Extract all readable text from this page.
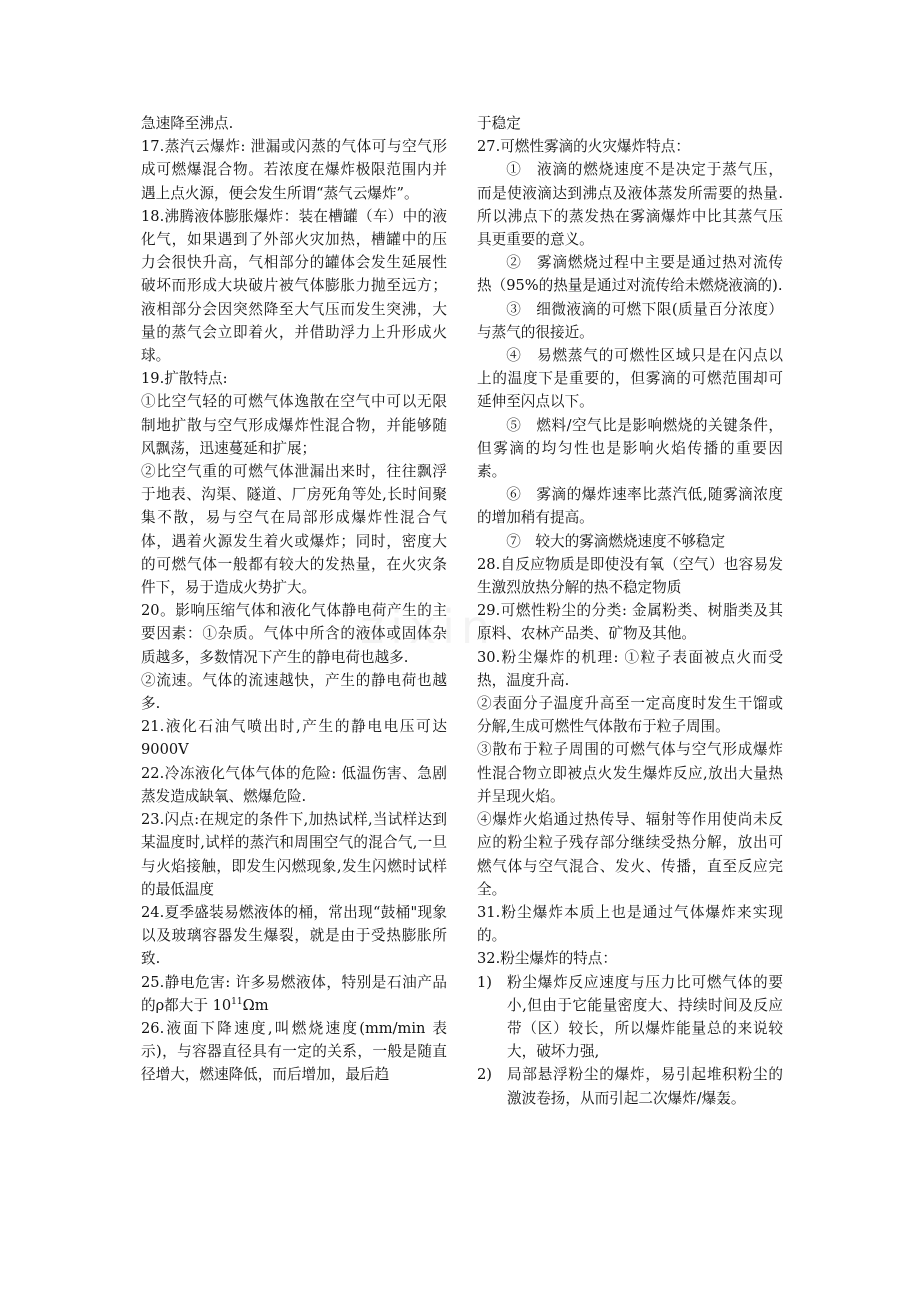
急速降至沸点.

17.蒸汽云爆炸: 泄漏或闪蒸的气体可与空气形成可燃爆混合物。若浓度在爆炸极限范围内并遇上点火源，便会发生所谓“蒸气云爆炸”。

18.沸腾液体膨胀爆炸：装在槽罐（车）中的液化气，如果遇到了外部火灾加热，槽罐中的压力会很快升高，气相部分的罐体会发生延展性破坏而形成大块破片被气体膨胀力抛至远方；液相部分会因突然降至大气压而发生突沸，大量的蒸气会立即着火，并借助浮力上升形成火球。

19.扩散特点:

①比空气轻的可燃气体逸散在空气中可以无限制地扩散与空气形成爆炸性混合物，并能够随风飘荡，迅速蔓延和扩展；

②比空气重的可燃气体泄漏出来时，往往飘浮于地表、沟渠、隧道、厂房死角等处,长时间聚集不散，易与空气在局部形成爆炸性混合气体，遇着火源发生着火或爆炸；同时，密度大的可燃气体一般都有较大的发热量，在火灾条件下，易于造成火势扩大。

20。影响压缩气体和液化气体静电荷产生的主要因素：①杂质。气体中所含的液体或固体杂质越多，多数情况下产生的静电荷也越多.

②流速。气体的流速越快，产生的静电荷也越多.

21.液化石油气喷出时,产生的静电电压可达9000V

22.冷冻液化气体气体的危险: 低温伤害、急剧蒸发造成缺氧、燃爆危险.

23.闪点:在规定的条件下,加热试样,当试样达到某温度时,试样的蒸汽和周围空气的混合气,一旦与火焰接触，即发生闪燃现象,发生闪燃时试样的最低温度

24.夏季盛装易燃液体的桶，常出现“鼓桶"现象以及玻璃容器发生爆裂，就是由于受热膨胀所致.

25.静电危害: 许多易燃液体，特别是石油产品的ρ都大于 $10^{11}\Omega m$

26.液面下降速度,叫燃烧速度(mm/min 表示)，与容器直径具有一定的关系，一般是随直径增大，燃速降低，而后增加，最后趋

于稳定

27.可燃性雾滴的火灾爆炸特点：

①　液滴的燃烧速度不是决定于蒸气压，而是使液滴达到沸点及液体蒸发所需要的热量.所以沸点下的蒸发热在雾滴爆炸中比其蒸气压具更重要的意义。

②　雾滴燃烧过程中主要是通过热对流传热（95%的热量是通过对流传给未燃烧液滴的).

③　细微液滴的可燃下限(质量百分浓度）与蒸气的很接近。

④　易燃蒸气的可燃性区域只是在闪点以上的温度下是重要的，但雾滴的可燃范围却可延伸至闪点以下。

⑤　燃料/空气比是影响燃烧的关键条件，但雾滴的均匀性也是影响火焰传播的重要因素。

⑥　雾滴的爆炸速率比蒸汽低,随雾滴浓度的增加稍有提高。

⑦　较大的雾滴燃烧速度不够稳定

28.自反应物质是即使没有氧（空气）也容易发生激烈放热分解的热不稳定物质

29.可燃性粉尘的分类: 金属粉类、树脂类及其原料、农林产品类、矿物及其他。

30.粉尘爆炸的机理: ①粒子表面被点火而受热，温度升高.

②表面分子温度升高至一定高度时发生干馏或分解,生成可燃性气体散布于粒子周围。

③散布于粒子周围的可燃气体与空气形成爆炸性混合物立即被点火发生爆炸反应,放出大量热并呈现火焰。

④爆炸火焰通过热传导、辐射等作用使尚未反应的粉尘粒子残存部分继续受热分解，放出可燃气体与空气混合、发火、传播，直至反应完全。

31.粉尘爆炸本质上也是通过气体爆炸来实现的。

32.粉尘爆炸的特点：

1)	粉尘爆炸反应速度与压力比可燃气体的要小,但由于它能量密度大、持续时间及反应带（区）较长，所以爆炸能量总的来说较大，破坏力强,
2)	局部悬浮粉尘的爆炸，易引起堆积粉尘的激波卷扬，从而引起二次爆炸/爆轰。
